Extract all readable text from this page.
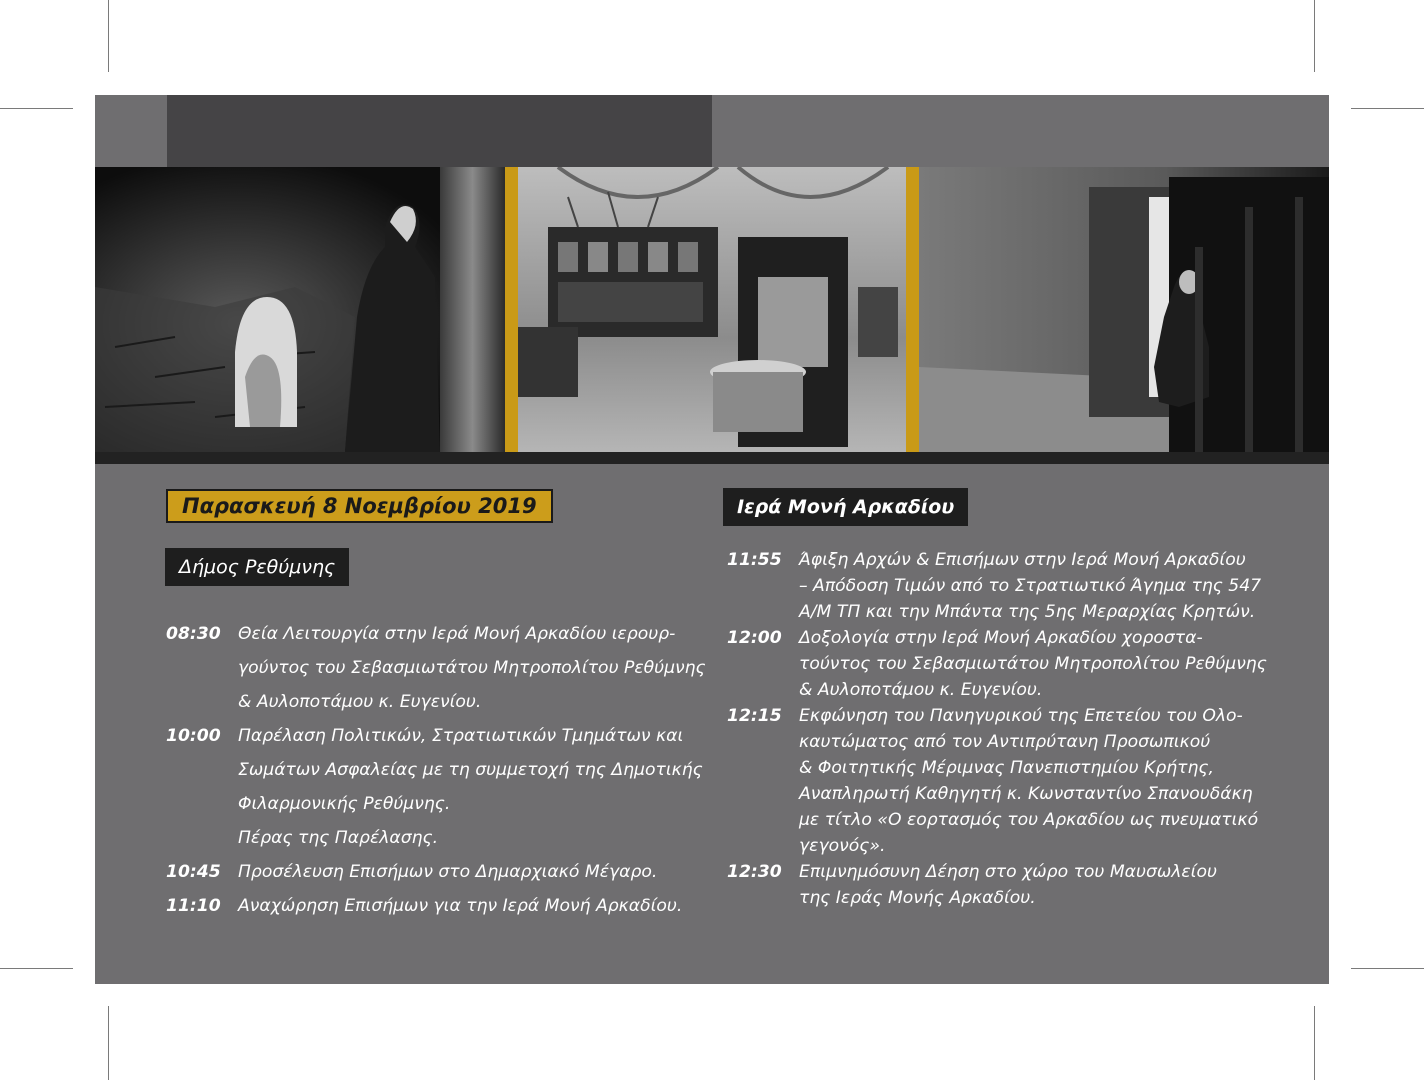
Παρασκευή 8 Νοεμβρίου 2019
Δήμος Ρεθύμνης
Ιερά Μονή Αρκαδίου
08:30	Θεία Λειτουργία στην Ιερά Μονή Αρκαδίου ιερουρ-
γούντος του Σεβασμιωτάτου Μητροπολίτου Ρεθύμνης
& Αυλοποτάμου κ. Ευγενίου.
10:00	Παρέλαση Πολιτικών, Στρατιωτικών Τμημάτων και
Σωμάτων Ασφαλείας με τη συμμετοχή της Δημοτικής
Φιλαρμονικής Ρεθύμνης.
Πέρας της Παρέλασης.
10:45	Προσέλευση Επισήμων στο Δημαρχιακό Μέγαρο.
11:10	Αναχώρηση Επισήμων για την Ιερά Μονή Αρκαδίου.
11:55	Άφιξη Αρχών & Επισήμων στην Ιερά Μονή Αρκαδίου
– Απόδοση Τιμών από το Στρατιωτικό Άγημα της 547
Α/Μ ΤΠ και την Μπάντα της 5ης Μεραρχίας Κρητών.
12:00	Δοξολογία στην Ιερά Μονή Αρκαδίου χοροστα-
τούντος του Σεβασμιωτάτου Μητροπολίτου Ρεθύμνης
& Αυλοποτάμου κ. Ευγενίου.
12:15	Εκφώνηση του Πανηγυρικού της Επετείου του Ολο-
καυτώματος από τον Αντιπρύτανη Προσωπικού
& Φοιτητικής Μέριμνας Πανεπιστημίου Κρήτης,
Αναπληρωτή Καθηγητή κ. Κωνσταντίνο Σπανουδάκη
με τίτλο «Ο εορτασμός του Αρκαδίου ως πνευματικό
γεγονός».
12:30	Επιμνημόσυνη Δέηση στο χώρο του Μαυσωλείου
της Ιεράς Μονής Αρκαδίου.
